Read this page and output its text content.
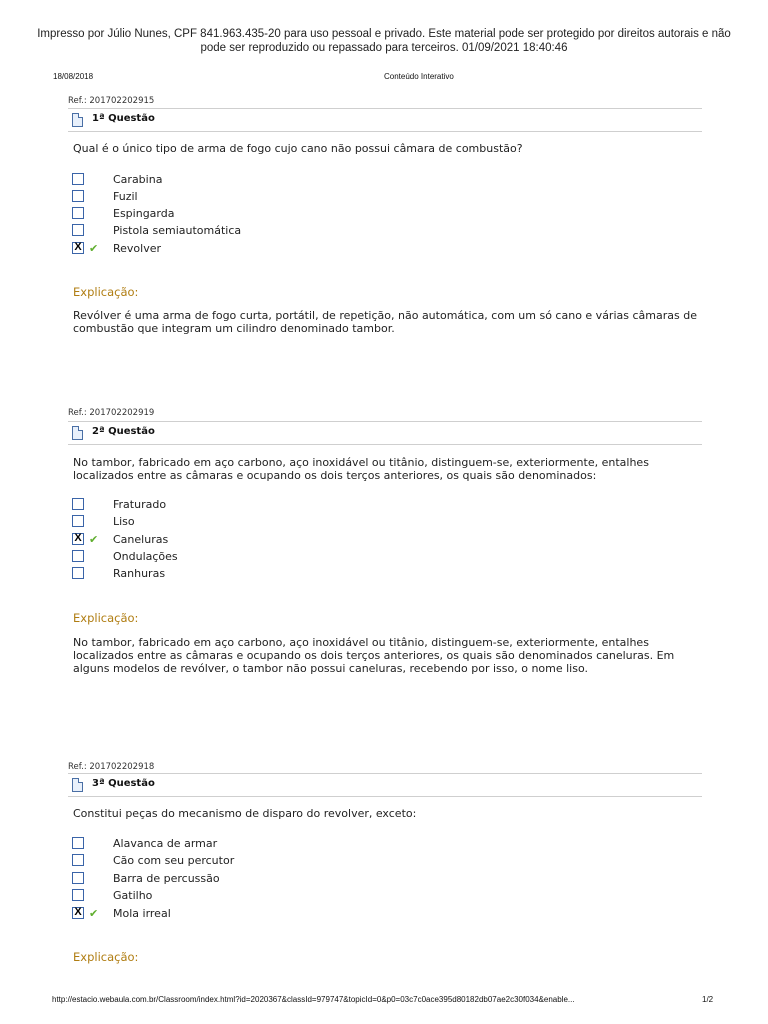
Impresso por Júlio Nunes, CPF 841.963.435-20 para uso pessoal e privado. Este material pode ser protegido por direitos autorais e não
pode ser reproduzido ou repassado para terceiros. 01/09/2021 18:40:46
18/08/2018	Conteúdo Interativo
Ref.: 201702202915
1ª Questão
Qual é o único tipo de arma de fogo cujo cano não possui câmara de combustão?
Carabina
Fuzil
Espingarda
Pistola semiautomática
X ✔ Revolver
Explicação:
Revólver é uma arma de fogo curta, portátil, de repetição, não automática, com um só cano e várias câmaras de combustão que integram um cilindro denominado tambor.
Ref.: 201702202919
2ª Questão
No tambor, fabricado em aço carbono, aço inoxidável ou titânio, distinguem-se, exteriormente, entalhes localizados entre as câmaras e ocupando os dois terços anteriores, os quais são denominados:
Fraturado
Liso
X ✔ Caneluras
Ondulações
Ranhuras
Explicação:
No tambor, fabricado em aço carbono, aço inoxidável ou titânio, distinguem-se, exteriormente, entalhes localizados entre as câmaras e ocupando os dois terços anteriores, os quais são denominados caneluras. Em alguns modelos de revólver, o tambor não possui caneluras, recebendo por isso, o nome liso.
Ref.: 201702202918
3ª Questão
Constitui peças do mecanismo de disparo do revolver, exceto:
Alavanca de armar
Cão com seu percutor
Barra de percussão
Gatilho
X ✔ Mola irreal
Explicação:
http://estacio.webaula.com.br/Classroom/index.html?id=2020367&classId=979747&topicId=0&p0=03c7c0ace395d80182db07ae2c30f034&enable...	1/2
